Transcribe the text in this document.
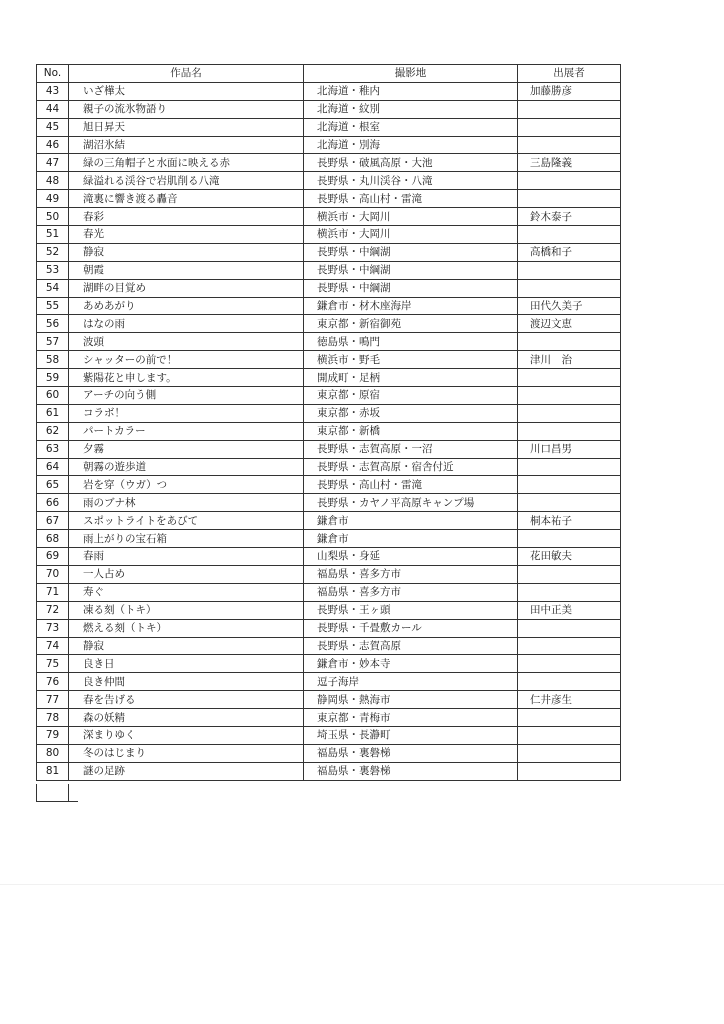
No.	作品名	撮影地	出展者
43	いざ樺太	北海道・稚内	加藤勝彦
44	親子の流氷物語り	北海道・紋別	
45	旭日昇天	北海道・根室	
46	湖沼氷結	北海道・別海	
47	緑の三角帽子と水面に映える赤	長野県・破風高原・大池	三島隆義
48	緑溢れる渓谷で岩肌削る八滝	長野県・丸川渓谷・八滝	
49	滝裏に響き渡る轟音	長野県・高山村・雷滝	
50	春彩	横浜市・大岡川	鈴木泰子
51	春光	横浜市・大岡川	
52	静寂	長野県・中綱湖	高橋和子
53	朝霞	長野県・中綱湖	
54	湖畔の目覚め	長野県・中綱湖	
55	あめあがり	鎌倉市・材木座海岸	田代久美子
56	はなの雨	東京都・新宿御苑	渡辺文恵
57	波頭	徳島県・鳴門	
58	シャッターの前で！	横浜市・野毛	津川　治
59	紫陽花と申します。	開成町・足柄	
60	アーチの向う側	東京都・原宿	
61	コラボ！	東京都・赤坂	
62	パートカラー	東京都・新橋	
63	夕霧	長野県・志賀高原・一沼	川口昌男
64	朝霧の遊歩道	長野県・志賀高原・宿舎付近	
65	岩を穿（ウガ）つ	長野県・高山村・雷滝	
66	雨のブナ林	長野県・カヤノ平高原キャンプ場	
67	スポットライトをあびて	鎌倉市	桐本祐子
68	雨上がりの宝石箱	鎌倉市	
69	春雨	山梨県・身延	花田敏夫
70	一人占め	福島県・喜多方市	
71	寿ぐ	福島県・喜多方市	
72	凍る刻（トキ）	長野県・王ヶ頭	田中正美
73	燃える刻（トキ）	長野県・千畳敷カール	
74	静寂	長野県・志賀高原	
75	良き日	鎌倉市・妙本寺	
76	良き仲間	逗子海岸	
77	春を告げる	静岡県・熱海市	仁井彦生
78	森の妖精	東京都・青梅市	
79	深まりゆく	埼玉県・長瀞町	
80	冬のはじまり	福島県・裏磐梯	
81	謎の足跡	福島県・裏磐梯	
